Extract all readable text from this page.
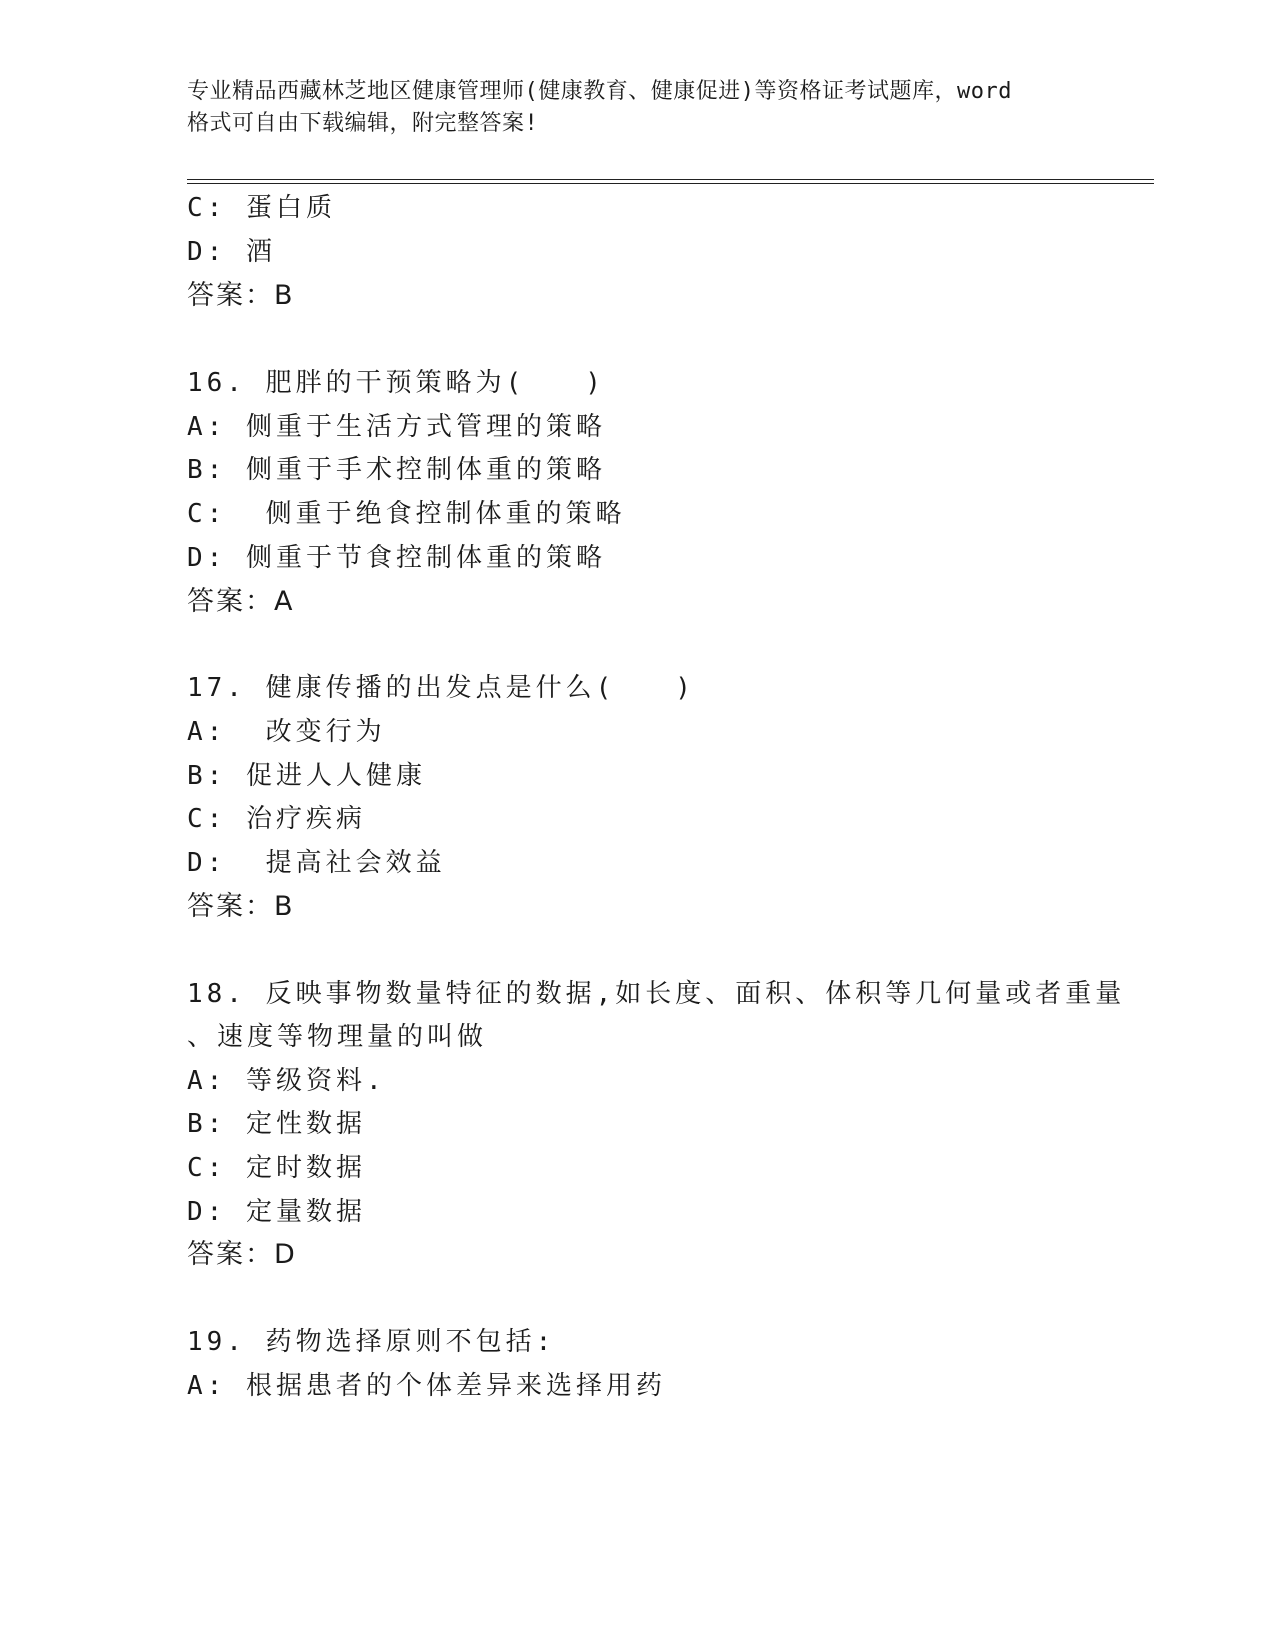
专业精品西藏林芝地区健康管理师(健康教育、健康促进)等资格证考试题库，word
格式可自由下载编辑，附完整答案!
C: 蛋白质
D: 酒
答案：B
16. 肥胖的干预策略为(　　)
A: 侧重于生活方式管理的策略
B: 侧重于手术控制体重的策略
C:  侧重于绝食控制体重的策略
D: 侧重于节食控制体重的策略
答案：A
17. 健康传播的出发点是什么(　　)
A:  改变行为
B: 促进人人健康
C: 治疗疾病
D:  提高社会效益
答案：B
18. 反映事物数量特征的数据,如长度、面积、体积等几何量或者重量
、速度等物理量的叫做
A: 等级资料.
B: 定性数据
C: 定时数据
D: 定量数据
答案：D
19. 药物选择原则不包括:
A: 根据患者的个体差异来选择用药
